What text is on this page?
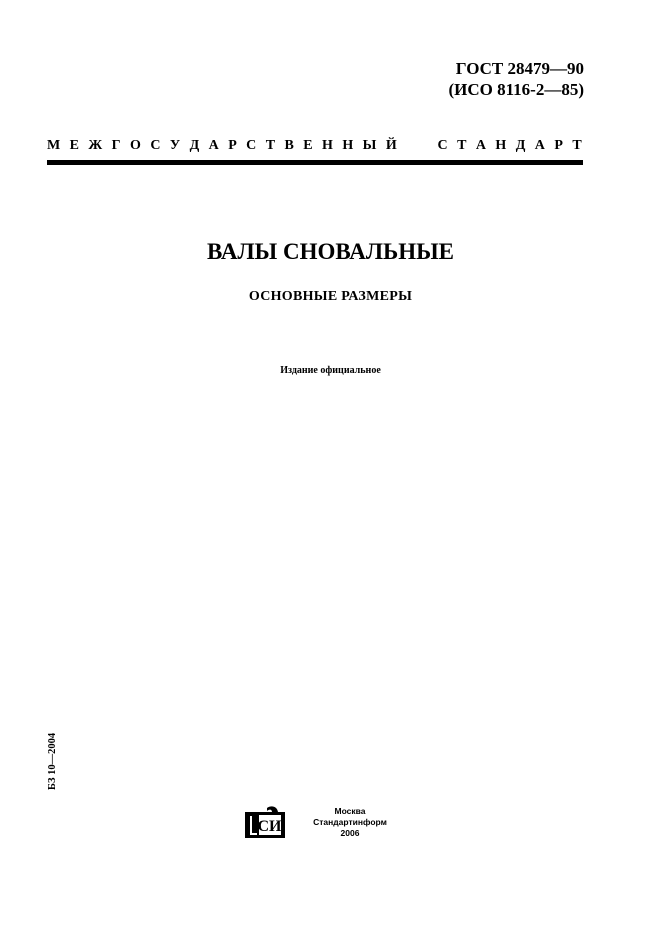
ГОСТ 28479—90
(ИСО 8116-2—85)
М Е Ж Г О С У Д А Р С Т В Е Н Н Ы Й	С Т А Н Д А Р Т
ВАЛЫ СНОВАЛЬНЫЕ
ОСНОВНЫЕ РАЗМЕРЫ
Издание официальное
БЗ 10—2004
СИ
Москва
Стандартинформ
2006
